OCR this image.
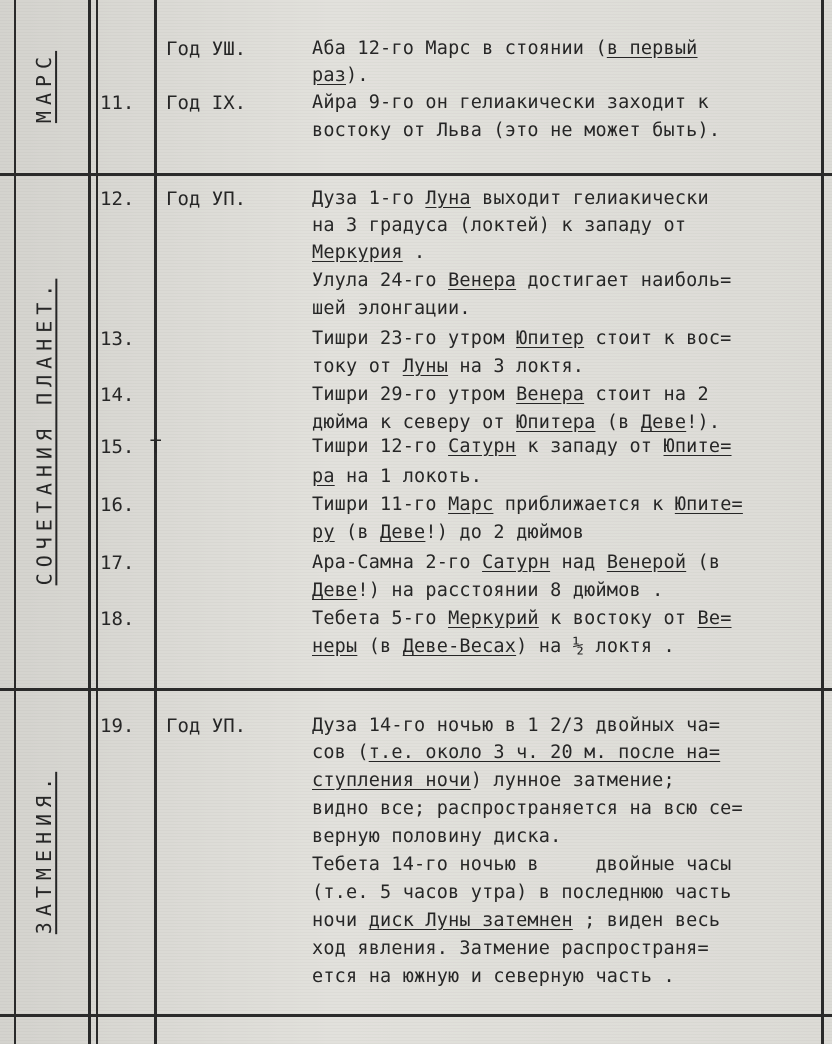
МАРС
СОЧЕТАНИЯ ПЛАНЕТ.
ЗАТМЕНИЯ.
11.
12.
13.
14.
15. Т
16.
17.
18.
19.
Год УШ.
Год IX.
Год УП.
Год УП.
Аба 12-го Марс в стоянии (в первый
раз).
Айра 9-го он гелиакически заходит к
востоку от Льва (это не может быть).
Дуза 1-го Луна выходит гелиакически
на 3 градуса (локтей) к западу от
Меркурия .
Улула 24-го Венера достигает наиболь=
шей элонгации.
Тишри 23-го утром Юпитер стоит к вос=
току от Луны на 3 локтя.
Тишри 29-го утром Венера стоит на 2
дюйма к северу от Юпитера (в Деве!).
Тишри 12-го Сатурн к западу от Юпите=
ра на 1 локоть.
Тишри 11-го Марс приближается к Юпите=
ру (в Деве!) до 2 дюймов
Ара-Самна 2-го Сатурн над Венерой (в
Деве!) на расстоянии 8 дюймов .
Тебета 5-го Меркурий к востоку от Ве=
неры (в Деве-Весах) на ½ локтя .
Дуза 14-го ночью в 1 2/3 двойных ча=
сов (т.е. около 3 ч. 20 м. после на=
ступления ночи) лунное затмение;
видно все; распространяется на всю се=
верную половину диска.
Тебета 14-го ночью в     двойные часы
(т.е. 5 часов утра) в последнюю часть
ночи диск Луны затемнен ; виден весь
ход явления. Затмение распространя=
ется на южную и северную часть .
